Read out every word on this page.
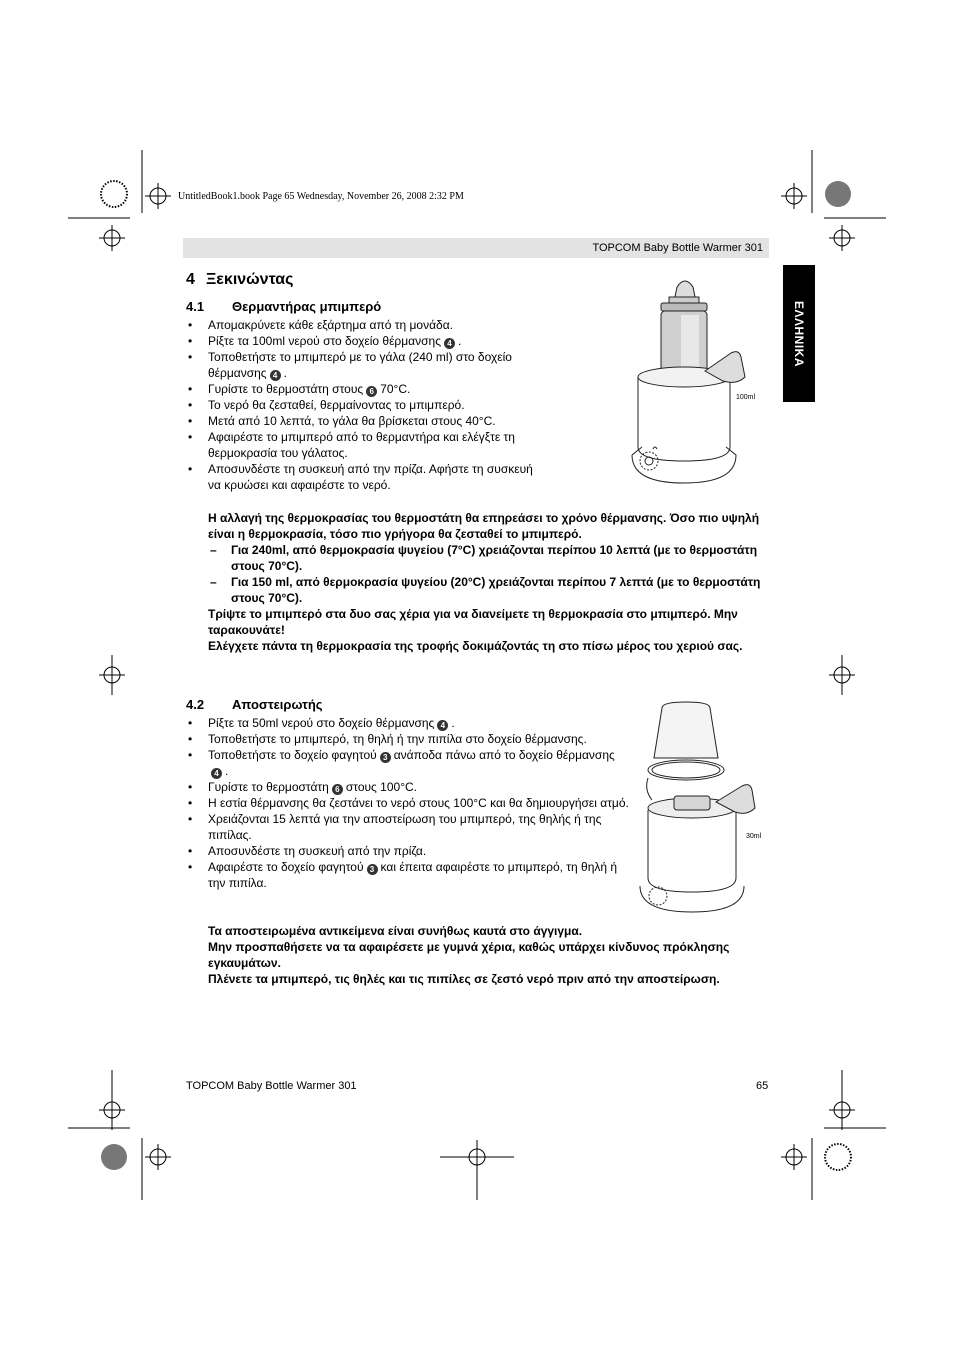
UntitledBook1.book Page 65 Wednesday, November 26, 2008 2:32 PM
TOPCOM Baby Bottle Warmer 301
ΕΛΛΗΝΙΚΑ
4 Ξεκινώντας
4.1 Θερμαντήρας μπιμπερό
• Απομακρύνετε κάθε εξάρτημα από τη μονάδα.
• Ρίξτε τα 100ml νερού στο δοχείο θέρμανσης 4 .
• Τοποθετήστε το μπιμπερό με το γάλα (240 ml) στο δοχείο θέρμανσης 4 .
• Γυρίστε το θερμοστάτη στους 6 70°C.
• Το νερό θα ζεσταθεί, θερμαίνοντας το μπιμπερό.
• Μετά από 10 λεπτά, το γάλα θα βρίσκεται στους 40°C.
• Αφαιρέστε το μπιμπερό από το θερμαντήρα και ελέγξτε τη θερμοκρασία του γάλατος.
• Αποσυνδέστε τη συσκευή από την πρίζα. Αφήστε τη συσκευή να κρυώσει και αφαιρέστε το νερό.
100ml
Η αλλαγή της θερμοκρασίας του θερμοστάτη θα επηρεάσει το χρόνο θέρμανσης. Όσο πιο υψηλή είναι η θερμοκρασία, τόσο πιο γρήγορα θα ζεσταθεί το μπιμπερό.
– Για 240ml, από θερμοκρασία ψυγείου (7°C) χρειάζονται περίπου 10 λεπτά (με το θερμοστάτη στους 70°C).
– Για 150 ml, από θερμοκρασία ψυγείου (20°C) χρειάζονται περίπου 7 λεπτά (με το θερμοστάτη στους 70°C).
Τρίψτε το μπιμπερό στα δυο σας χέρια για να διανείμετε τη θερμοκρασία στο μπιμπερό. Μην ταρακουνάτε!
Ελέγχετε πάντα τη θερμοκρασία της τροφής δοκιμάζοντάς τη στο πίσω μέρος του χεριού σας.
4.2 Αποστειρωτής
• Ρίξτε τα 50ml νερού στο δοχείο θέρμανσης 4 .
• Τοποθετήστε το μπιμπερό, τη θηλή ή την πιπίλα στο δοχείο θέρμανσης.
• Τοποθετήστε το δοχείο φαγητού 3 ανάποδα πάνω από το δοχείο θέρμανσης4 .
• Γυρίστε το θερμοστάτη 6 στους 100°C.
• Η εστία θέρμανσης θα ζεστάνει το νερό στους 100°C και θα δημιουργήσει ατμό.
• Χρειάζονται 15 λεπτά για την αποστείρωση του μπιμπερό, της θηλής ή της πιπίλας.
• Αποσυνδέστε τη συσκευή από την πρίζα.
• Αφαιρέστε το δοχείο φαγητού 3 και έπειτα αφαιρέστε το μπιμπερό, τη θηλή ή την πιπίλα.
30ml
Τα αποστειρωμένα αντικείμενα είναι συνήθως καυτά στο άγγιγμα.
Μην προσπαθήσετε να τα αφαιρέσετε με γυμνά χέρια, καθώς υπάρχει κίνδυνος πρόκλησης εγκαυμάτων.
Πλένετε τα μπιμπερό, τις θηλές και τις πιπίλες σε ζεστό νερό πριν από την αποστείρωση.
TOPCOM Baby Bottle Warmer 301	65
